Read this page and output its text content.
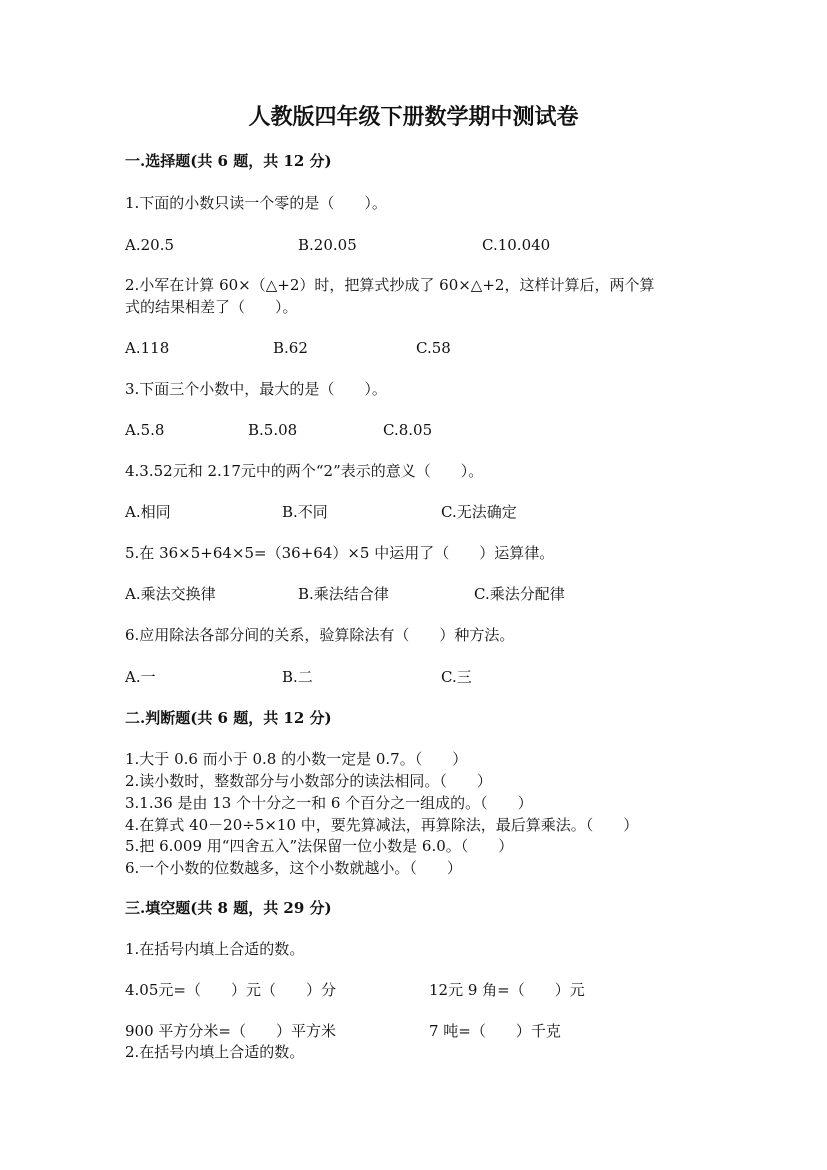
人教版四年级下册数学期中测试卷
一.选择题(共 6 题，共 12 分)
1.下面的小数只读一个零的是（　　）。
A.20.5	B.20.05	C.10.040
2.小军在计算 60×（△+2）时，把算式抄成了 60×△+2，这样计算后，两个算
式的结果相差了（　　）。
A.118	B.62	C.58
3.下面三个小数中，最大的是（　　）。
A.5.8	B.5.08	C.8.05
4.3.52元和 2.17元中的两个“2”表示的意义（　　）。
A.相同	B.不同	C.无法确定
5.在 36×5+64×5=（36+64）×5 中运用了（　　）运算律。
A.乘法交换律	B.乘法结合律	C.乘法分配律
6.应用除法各部分间的关系，验算除法有（　　）种方法。
A.一	B.二	C.三
二.判断题(共 6 题，共 12 分)
1.大于 0.6 而小于 0.8 的小数一定是 0.7。（　　）
2.读小数时，整数部分与小数部分的读法相同。（　　）
3.1.36 是由 13 个十分之一和 6 个百分之一组成的。（　　）
4.在算式 40－20÷5×10 中，要先算减法，再算除法，最后算乘法。（　　）
5.把 6.009 用“四舍五入”法保留一位小数是 6.0。（　　）
6.一个小数的位数越多，这个小数就越小。（　　）
三.填空题(共 8 题，共 29 分)
1.在括号内填上合适的数。
4.05元=（　　）元（　　）分	12元 9 角=（　　）元
900 平方分米=（　　）平方米	7 吨=（　　）千克
2.在括号内填上合适的数。
